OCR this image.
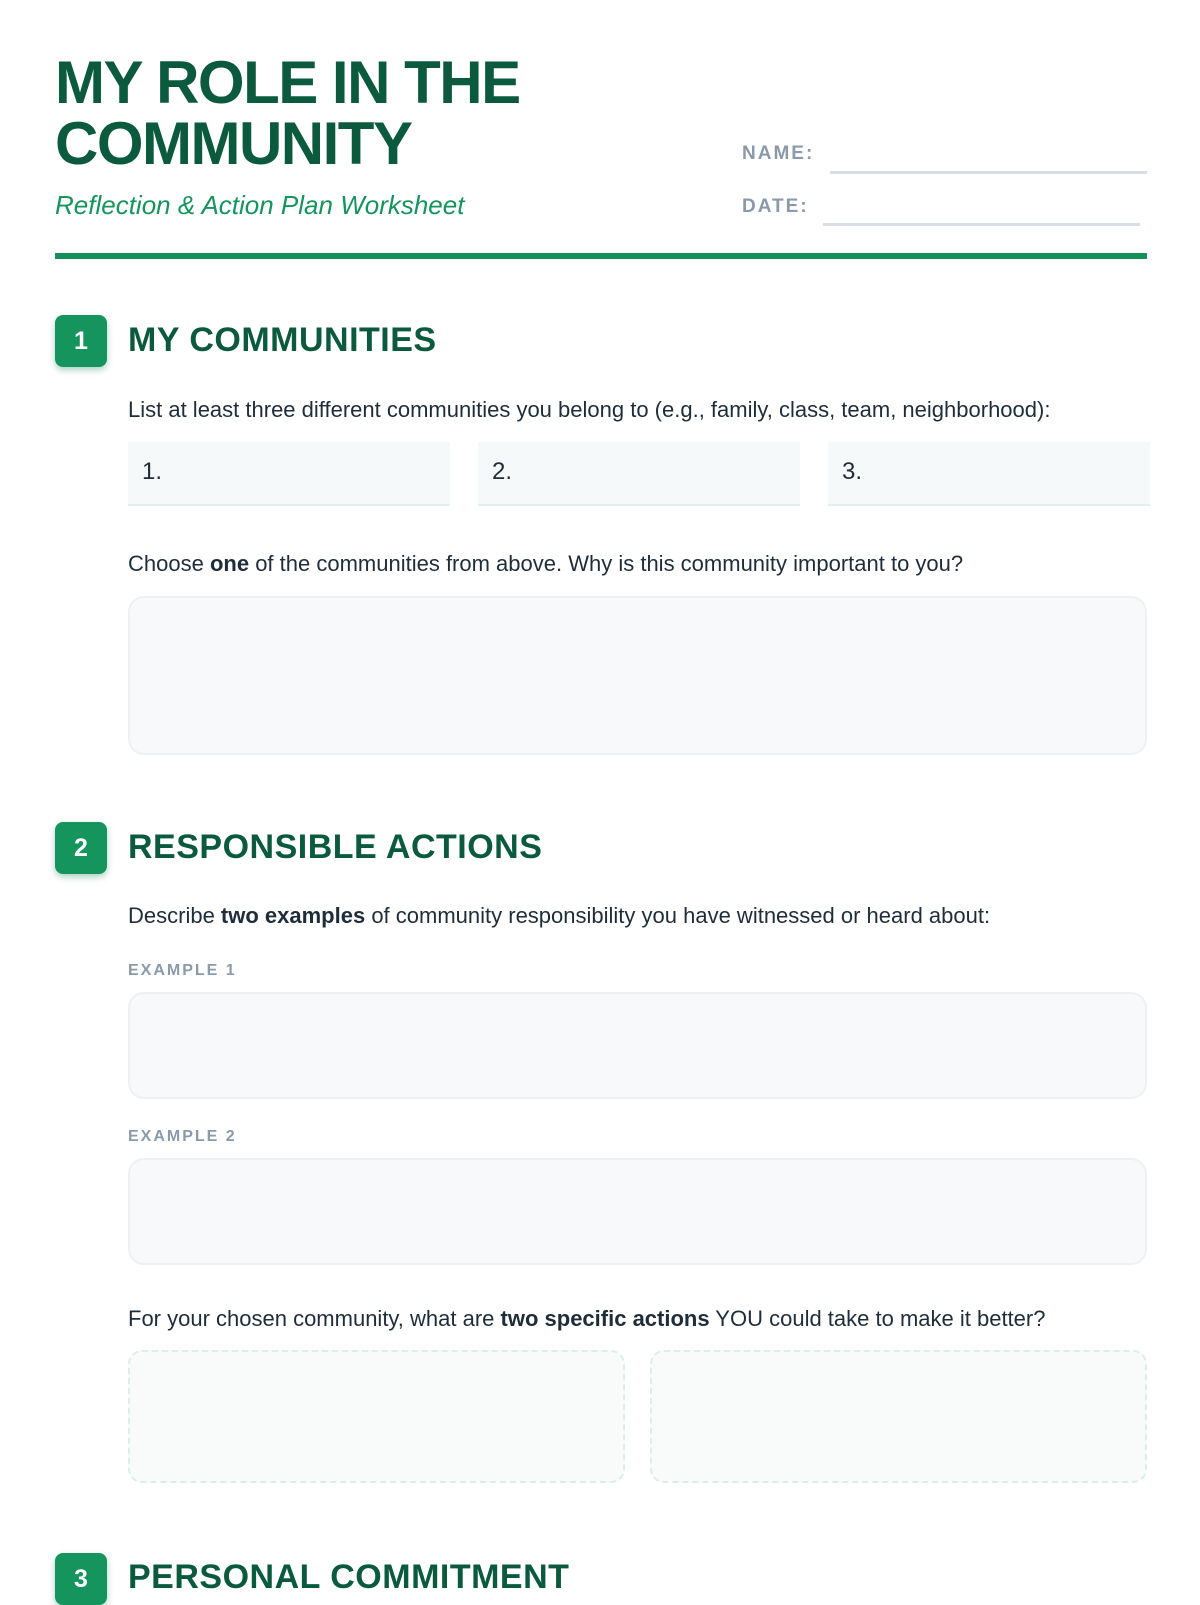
MY ROLE IN THE
COMMUNITY

Reflection & Action Plan Worksheet

NAME:
DATE:
1	MY COMMUNITIES

List at least three different communities you belong to (e.g., family, class, team, neighborhood):

1.	2.	3.

Choose one of the communities from above. Why is this community important to you?

2	RESPONSIBLE ACTIONS

Describe two examples of community responsibility you have witnessed or heard about:

EXAMPLE 1
EXAMPLE 2

For your chosen community, what are two specific actions YOU could take to make it better?

3	PERSONAL COMMITMENT
